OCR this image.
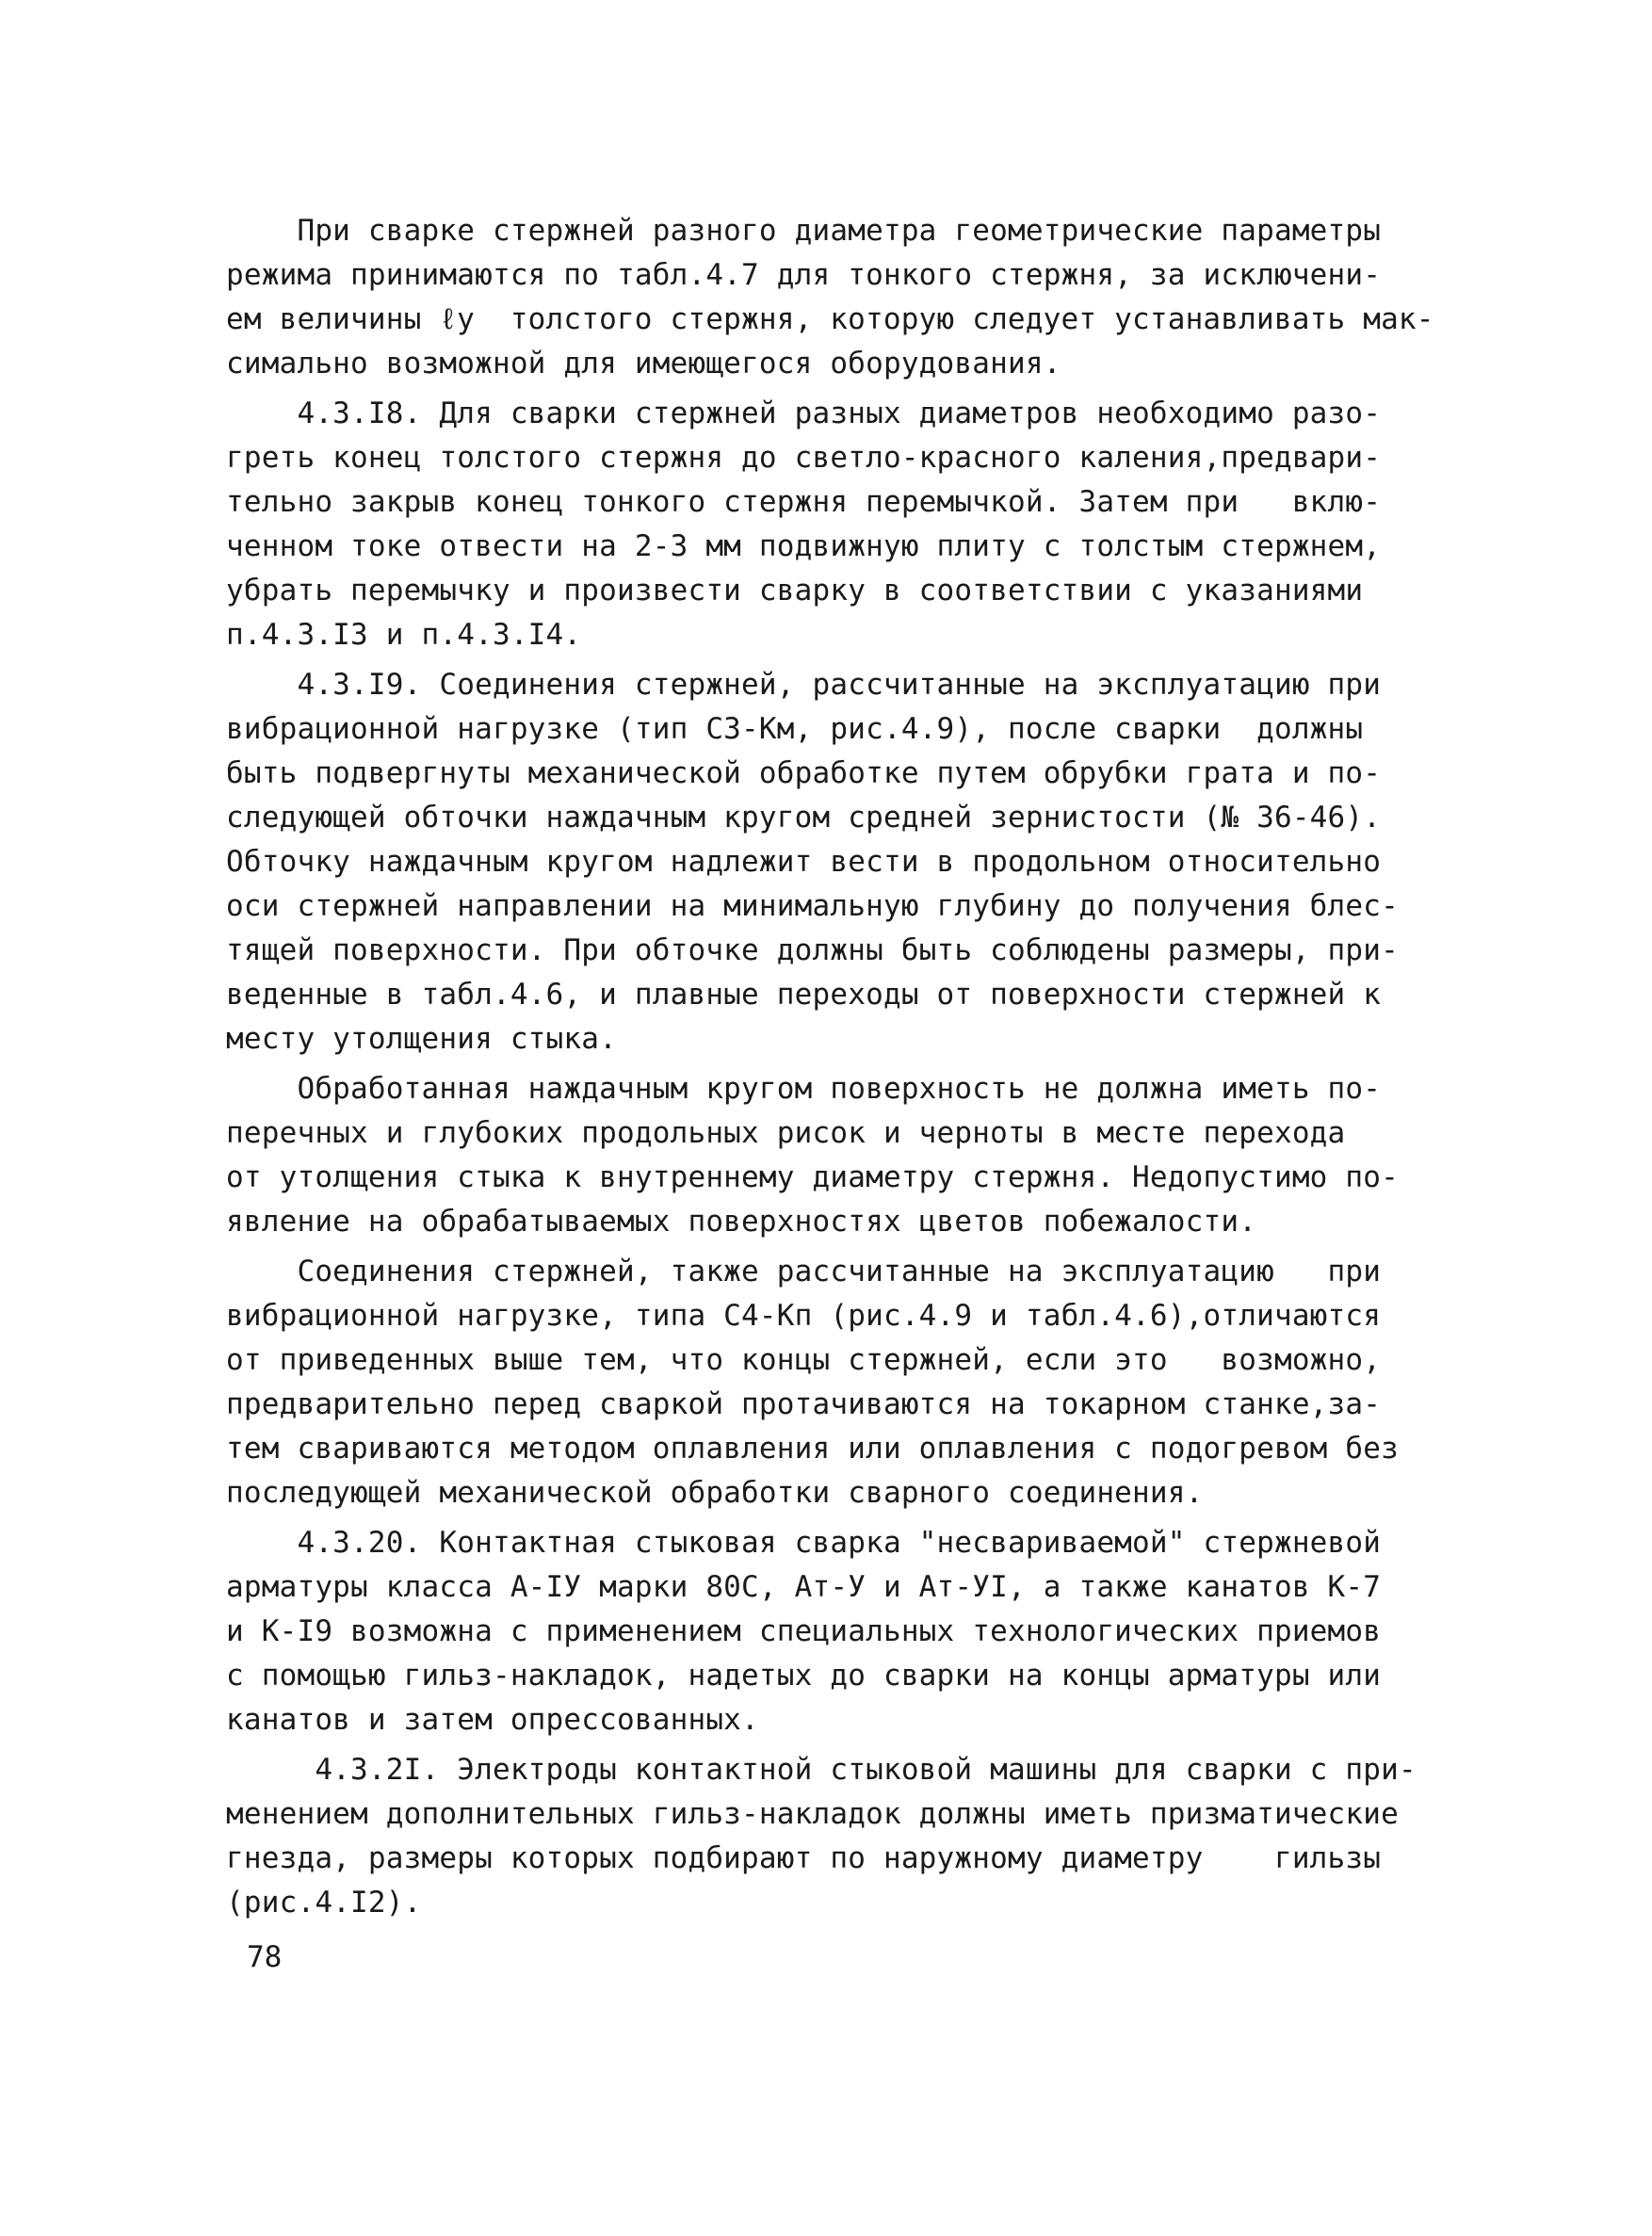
При сварке стержней разного диаметра геометрические параметры
режима принимаются по табл.4.7 для тонкого стержня, за исключени-
ем величины ℓу  толстого стержня, которую следует устанавливать мак-
симально возможной для имеющегося оборудования.
4.3.I8. Для сварки стержней разных диаметров необходимо разо-
греть конец толстого стержня до светло-красного каления,предвари-
тельно закрыв конец тонкого стержня перемычкой. Затем при   вклю-
ченном токе отвести на 2-3 мм подвижную плиту с толстым стержнем,
убрать перемычку и произвести сварку в соответствии с указаниями
п.4.3.I3 и п.4.3.I4.
4.3.I9. Соединения стержней, рассчитанные на эксплуатацию при
вибрационной нагрузке (тип С3-Км, рис.4.9), после сварки  должны
быть подвергнуты механической обработке путем обрубки грата и по-
следующей обточки наждачным кругом средней зернистости (№ 36-46).
Обточку наждачным кругом надлежит вести в продольном относительно
оси стержней направлении на минимальную глубину до получения блес-
тящей поверхности. При обточке должны быть соблюдены размеры, при-
веденные в табл.4.6, и плавные переходы от поверхности стержней к
месту утолщения стыка.
Обработанная наждачным кругом поверхность не должна иметь по-
перечных и глубоких продольных рисок и черноты в месте перехода
от утолщения стыка к внутреннему диаметру стержня. Недопустимо по-
явление на обрабатываемых поверхностях цветов побежалости.
Соединения стержней, также рассчитанные на эксплуатацию   при
вибрационной нагрузке, типа С4-Кп (рис.4.9 и табл.4.6),отличаются
от приведенных выше тем, что концы стержней, если это   возможно,
предварительно перед сваркой протачиваются на токарном станке,за-
тем свариваются методом оплавления или оплавления с подогревом без
последующей механической обработки сварного соединения.
4.3.20. Контактная стыковая сварка "несвариваемой" стержневой
арматуры класса А-IУ марки 80С, Ат-У и Ат-УI, а также канатов К-7
и К-I9 возможна с применением специальных технологических приемов
с помощью гильз-накладок, надетых до сварки на концы арматуры или
канатов и затем опрессованных.
4.3.2I. Электроды контактной стыковой машины для сварки с при-
менением дополнительных гильз-накладок должны иметь призматические
гнезда, размеры которых подбирают по наружному диаметру    гильзы
(рис.4.I2).
78
